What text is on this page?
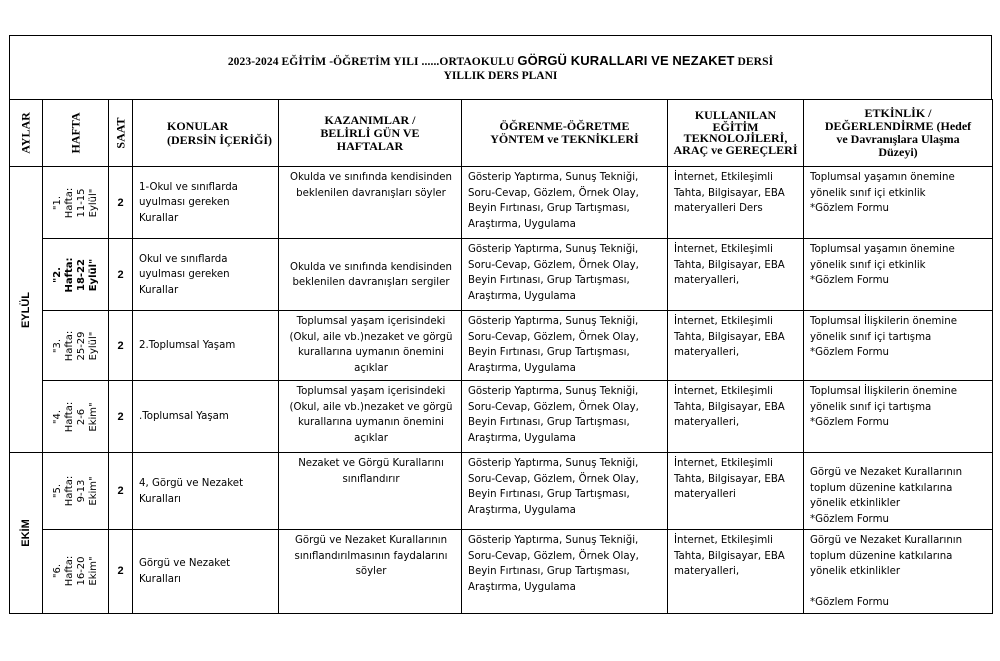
2023-2024 EĞİTİM -ÖĞRETİM YILI ......ORTAOKULU GÖRGÜ KURALLARI VE NEZAKET DERSİ
YILLIK DERS PLANI
AYLAR	HAFTA	SAAT	KONULAR
(DERSİN İÇERİĞİ)	KAZANIMLAR /
BELİRLİ GÜN VE
HAFTALAR	ÖĞRENME-ÖĞRETME
YÖNTEM ve TEKNİKLERİ	KULLANILAN
EĞİTİM
TEKNOLOJİLERİ,
ARAÇ ve GEREÇLERİ	ETKİNLİK /
DEĞERLENDİRME (Hedef
ve Davranışlara Ulaşma
Düzeyi)

EYLÜL	"1. Hafta:
11-15
Eylül"	2	1-Okul ve sınıflarda
uyulması gereken
Kurallar	Okulda ve sınıfında kendisinden
beklenilen davranışları söyler	Gösterip Yaptırma, Sunuş Tekniği,
Soru-Cevap, Gözlem, Örnek Olay,
Beyin Fırtınası, Grup Tartışması,
Araştırma, Uygulama	İnternet, Etkileşimli
Tahta, Bilgisayar, EBA
materyalleri Ders	Toplumsal yaşamın önemine
yönelik sınıf içi etkinlik
*Gözlem Formu

	"2. Hafta:
18-22 Eylül"	2	Okul ve sınıflarda
uyulması gereken
Kurallar	Okulda ve sınıfında kendisinden
beklenilen davranışları sergiler	Gösterip Yaptırma, Sunuş Tekniği,
Soru-Cevap, Gözlem, Örnek Olay,
Beyin Fırtınası, Grup Tartışması,
Araştırma, Uygulama	İnternet, Etkileşimli
Tahta, Bilgisayar, EBA
materyalleri,	Toplumsal yaşamın önemine
yönelik sınıf içi etkinlik
*Gözlem Formu

	"3. Hafta:
25-29
Eylül"	2	2.Toplumsal Yaşam	Toplumsal yaşam içerisindeki
(Okul, aile vb.)nezaket ve görgü
kurallarına uymanın önemini
açıklar	Gösterip Yaptırma, Sunuş Tekniği,
Soru-Cevap, Gözlem, Örnek Olay,
Beyin Fırtınası, Grup Tartışması,
Araştırma, Uygulama	İnternet, Etkileşimli
Tahta, Bilgisayar, EBA
materyalleri,	Toplumsal İlişkilerin önemine
yönelik sınıf içi tartışma
*Gözlem Formu

	"4. Hafta:
2-6 Ekim"	2	.Toplumsal Yaşam	Toplumsal yaşam içerisindeki
(Okul, aile vb.)nezaket ve görgü
kurallarına uymanın önemini
açıklar	Gösterip Yaptırma, Sunuş Tekniği,
Soru-Cevap, Gözlem, Örnek Olay,
Beyin Fırtınası, Grup Tartışması,
Araştırma, Uygulama	İnternet, Etkileşimli
Tahta, Bilgisayar, EBA
materyalleri,	Toplumsal İlişkilerin önemine
yönelik sınıf içi tartışma
*Gözlem Formu

EKİM	"5. Hafta:
9-13 Ekim"	2	4, Görgü ve Nezaket
Kuralları	Nezaket ve Görgü Kurallarını
sınıflandırır	Gösterip Yaptırma, Sunuş Tekniği,
Soru-Cevap, Gözlem, Örnek Olay,
Beyin Fırtınası, Grup Tartışması,
Araştırma, Uygulama	İnternet, Etkileşimli
Tahta, Bilgisayar, EBA
materyalleri	Görgü ve Nezaket Kurallarının
toplum düzenine katkılarına
yönelik etkinlikler
*Gözlem Formu

	"6. Hafta:
16-20
Ekim"	2	Görgü ve Nezaket
Kuralları	Görgü ve Nezaket Kurallarının
sınıflandırılmasının faydalarını
söyler	Gösterip Yaptırma, Sunuş Tekniği,
Soru-Cevap, Gözlem, Örnek Olay,
Beyin Fırtınası, Grup Tartışması,
Araştırma, Uygulama	İnternet, Etkileşimli
Tahta, Bilgisayar, EBA
materyalleri,	Görgü ve Nezaket Kurallarının
toplum düzenine katkılarına
yönelik etkinlikler

*Gözlem Formu
